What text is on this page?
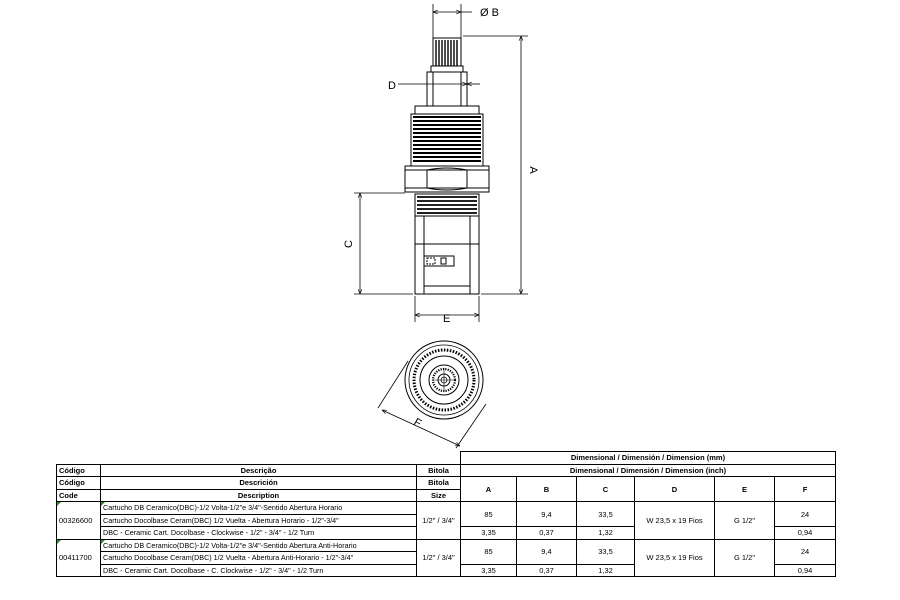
Ø B
D
A
C
E
F
			Dimensional / Dimensión / Dimension (mm)					
Código	Descrição	Bitola	Dimensional / Dimensión / Dimension (inch)					
Código	Descrición	Bitola	A	B	C	D	E	F
Code	Description	Size						

00326600	Cartucho DB Ceramico(DBC)-1/2 Volta-1/2"e 3/4"-Sentido Abertura Horario	1/2" / 3/4"	85	9,4	33,5	W 23,5 x 19 Fios	G 1/2"	24
	Cartucho Docolbase Ceram(DBC) 1/2 Vuelta - Abertura Horario - 1/2"-3/4"							
	DBC - Ceramic Cart. Docolbase - Clockwise - 1/2" - 3/4" - 1/2 Turn		3,35	0,37	1,32			0,94

00411700	Cartucho DB Ceramico(DBC)-1/2 Volta-1/2"e 3/4"-Sentido Abertura Anti-Horario	1/2" / 3/4"	85	9,4	33,5	W 23,5 x 19 Fios	G 1/2"	24
	Cartucho Docolbase Ceram(DBC) 1/2 Vuelta - Abertura Anti-Horario - 1/2"-3/4"							
	DBC - Ceramic Cart. Docolbase - C. Clockwise - 1/2" - 3/4" - 1/2 Turn		3,35	0,37	1,32			0,94
